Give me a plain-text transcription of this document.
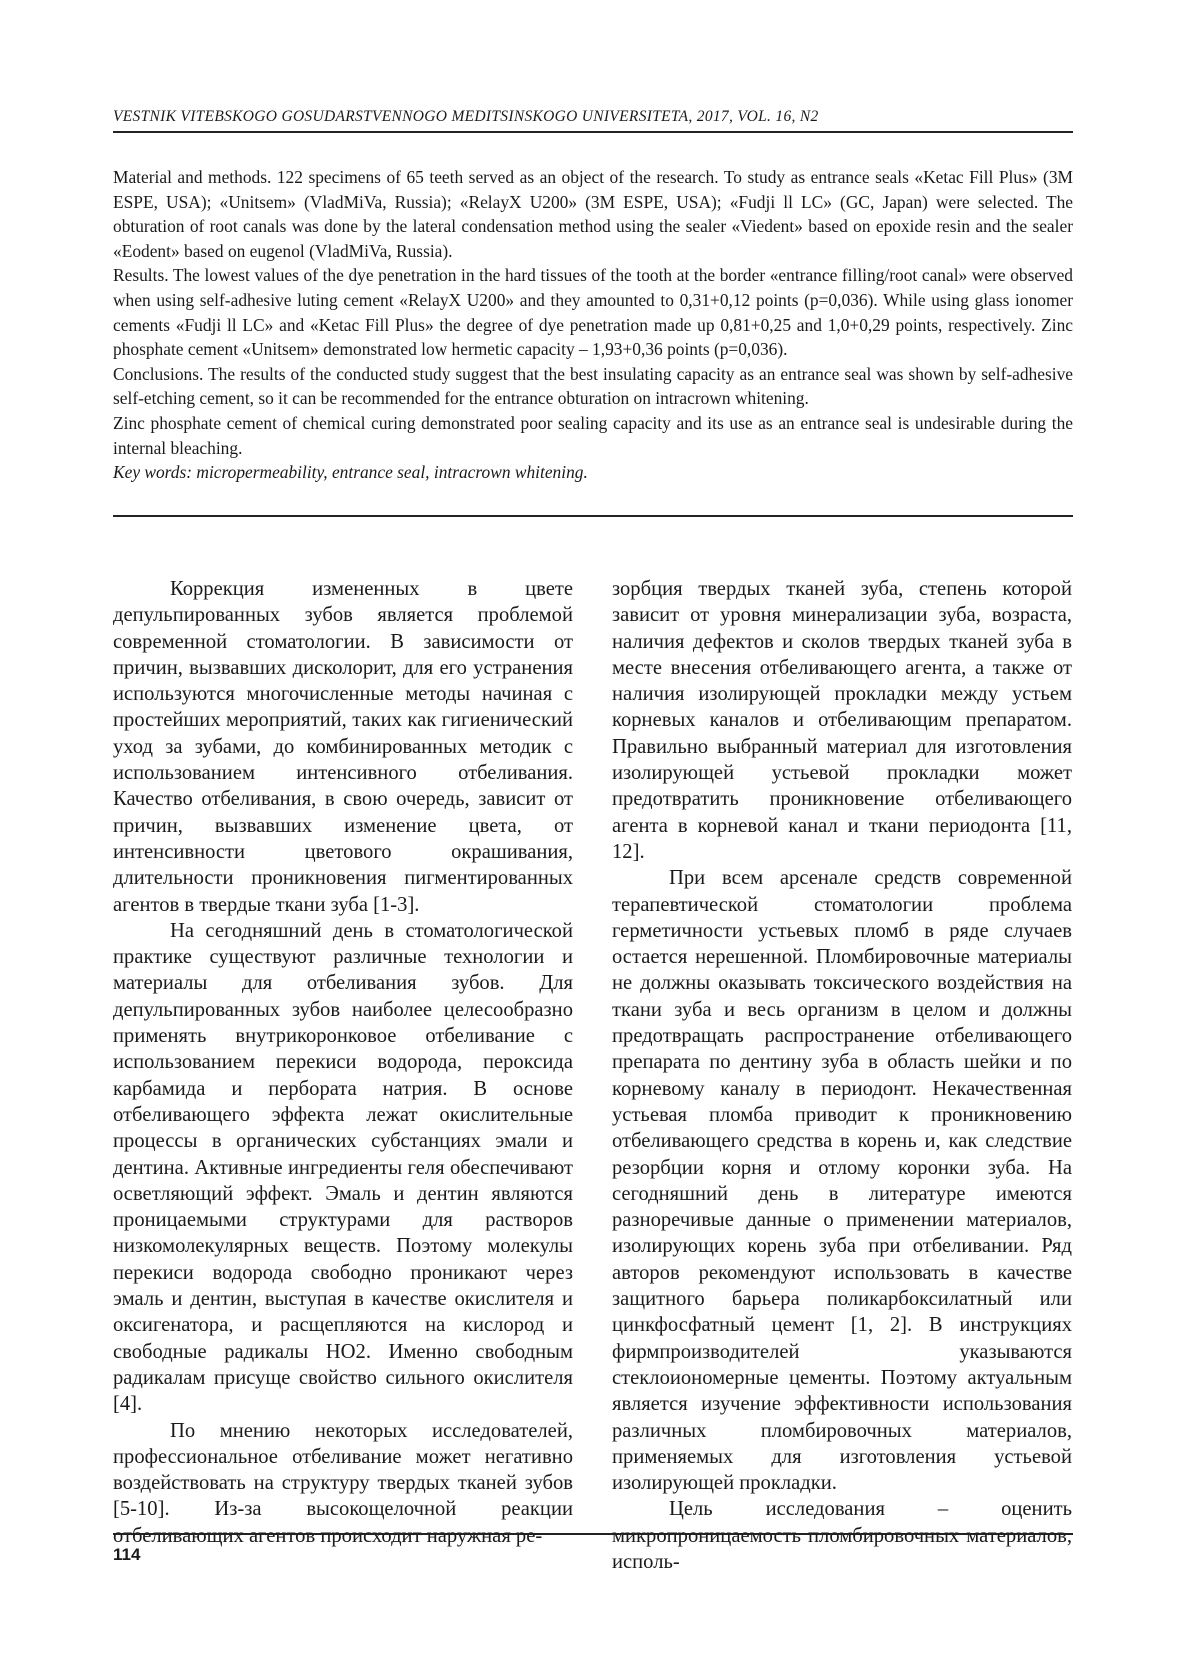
VESTNIK VITEBSKOGO GOSUDARSTVENNOGO MEDITSINSKOGO UNIVERSITETA, 2017, VOL. 16, N2

Material and methods. 122 specimens of 65 teeth served as an object of the research. To study as entrance seals «Ketac Fill Plus» (3M ESPE, USA); «Unitsem» (VladMiVa, Russia); «RelayX U200» (3M ESPE, USA); «Fudji ll LC» (GC, Japan) were selected. The obturation of root canals was done by the lateral condensation method using the sealer «Viedent» based on epoxide resin and the sealer «Eodent» based on eugenol (VladMiVa, Russia).

Results. The lowest values of the dye penetration in the hard tissues of the tooth at the border «entrance filling/root canal» were observed when using self-adhesive luting cement «RelayX U200» and they amounted to 0,31+0,12 points (p=0,036). While using glass ionomer cements «Fudji ll LC» and «Ketac Fill Plus» the degree of dye penetration made up 0,81+0,25 and 1,0+0,29 points, respectively. Zinc phosphate cement «Unitsem» demonstrated low hermetic capacity – 1,93+0,36 points (p=0,036).

Conclusions. The results of the conducted study suggest that the best insulating capacity as an entrance seal was shown by self-adhesive self-etching cement, so it can be recommended for the entrance obturation on intracrown whitening.

Zinc phosphate cement of chemical curing demonstrated poor sealing capacity and its use as an entrance seal is undesirable during the internal bleaching.

Key words: micropermeability, entrance seal, intracrown whitening.

Коррекция измененных в цвете депульпированных зубов является проблемой современной стоматологии. В зависимости от причин, вызвавших дисколорит, для его устранения используются многочисленные методы начиная с простейших мероприятий, таких как гигиенический уход за зубами, до комбинированных методик с использованием интенсивного отбеливания. Качество отбеливания, в свою очередь, зависит от причин, вызвавших изменение цвета, от интенсивности цветового окрашивания, длительности проникновения пигментированных агентов в твердые ткани зуба [1-3].

На сегодняшний день в стоматологической практике существуют различные технологии и материалы для отбеливания зубов. Для депульпированных зубов наиболее целесообразно применять внутрикоронковое отбеливание с использованием перекиси водорода, пероксида карбамида и пербората натрия. В основе отбеливающего эффекта лежат окислительные процессы в органических субстанциях эмали и дентина. Активные ингредиенты геля обеспечивают осветляющий эффект. Эмаль и дентин являются проницаемыми структурами для растворов низкомолекулярных веществ. Поэтому молекулы перекиси водорода свободно проникают через эмаль и дентин, выступая в качестве окислителя и оксигенатора, и расщепляются на кислород и свободные радикалы HO2. Именно свободным радикалам присуще свойство сильного окислителя [4].

По мнению некоторых исследователей, профессиональное отбеливание может негативно воздействовать на структуру твердых тканей зубов [5-10]. Из-за высокощелочной реакции отбеливающих агентов происходит наружная ре-

зорбция твердых тканей зуба, степень которой зависит от уровня минерализации зуба, возраста, наличия дефектов и сколов твердых тканей зуба в месте внесения отбеливающего агента, а также от наличия изолирующей прокладки между устьем корневых каналов и отбеливающим препаратом. Правильно выбранный материал для изготовления изолирующей устьевой прокладки может предотвратить проникновение отбеливающего агента в корневой канал и ткани периодонта [11, 12].

При всем арсенале средств современной терапевтической стоматологии проблема герметичности устьевых пломб в ряде случаев остается нерешенной. Пломбировочные материалы не должны оказывать токсического воздействия на ткани зуба и весь организм в целом и должны предотвращать распространение отбеливающего препарата по дентину зуба в область шейки и по корневому каналу в периодонт. Некачественная устьевая пломба приводит к проникновению отбеливающего средства в корень и, как следствие резорбции корня и отлому коронки зуба. На сегодняшний день в литературе имеются разноречивые данные о применении материалов, изолирующих корень зуба при отбеливании. Ряд авторов рекомендуют использовать в качестве защитного барьера поликарбоксилатный или цинкфосфатный цемент [1, 2]. В инструкциях фирмпроизводителей указываются стеклоиономерные цементы. Поэтому актуальным является изучение эффективности использования различных пломбировочных материалов, применяемых для изготовления устьевой изолирующей прокладки.

Цель исследования – оценить микропроницаемость пломбировочных материалов, исполь-

114
